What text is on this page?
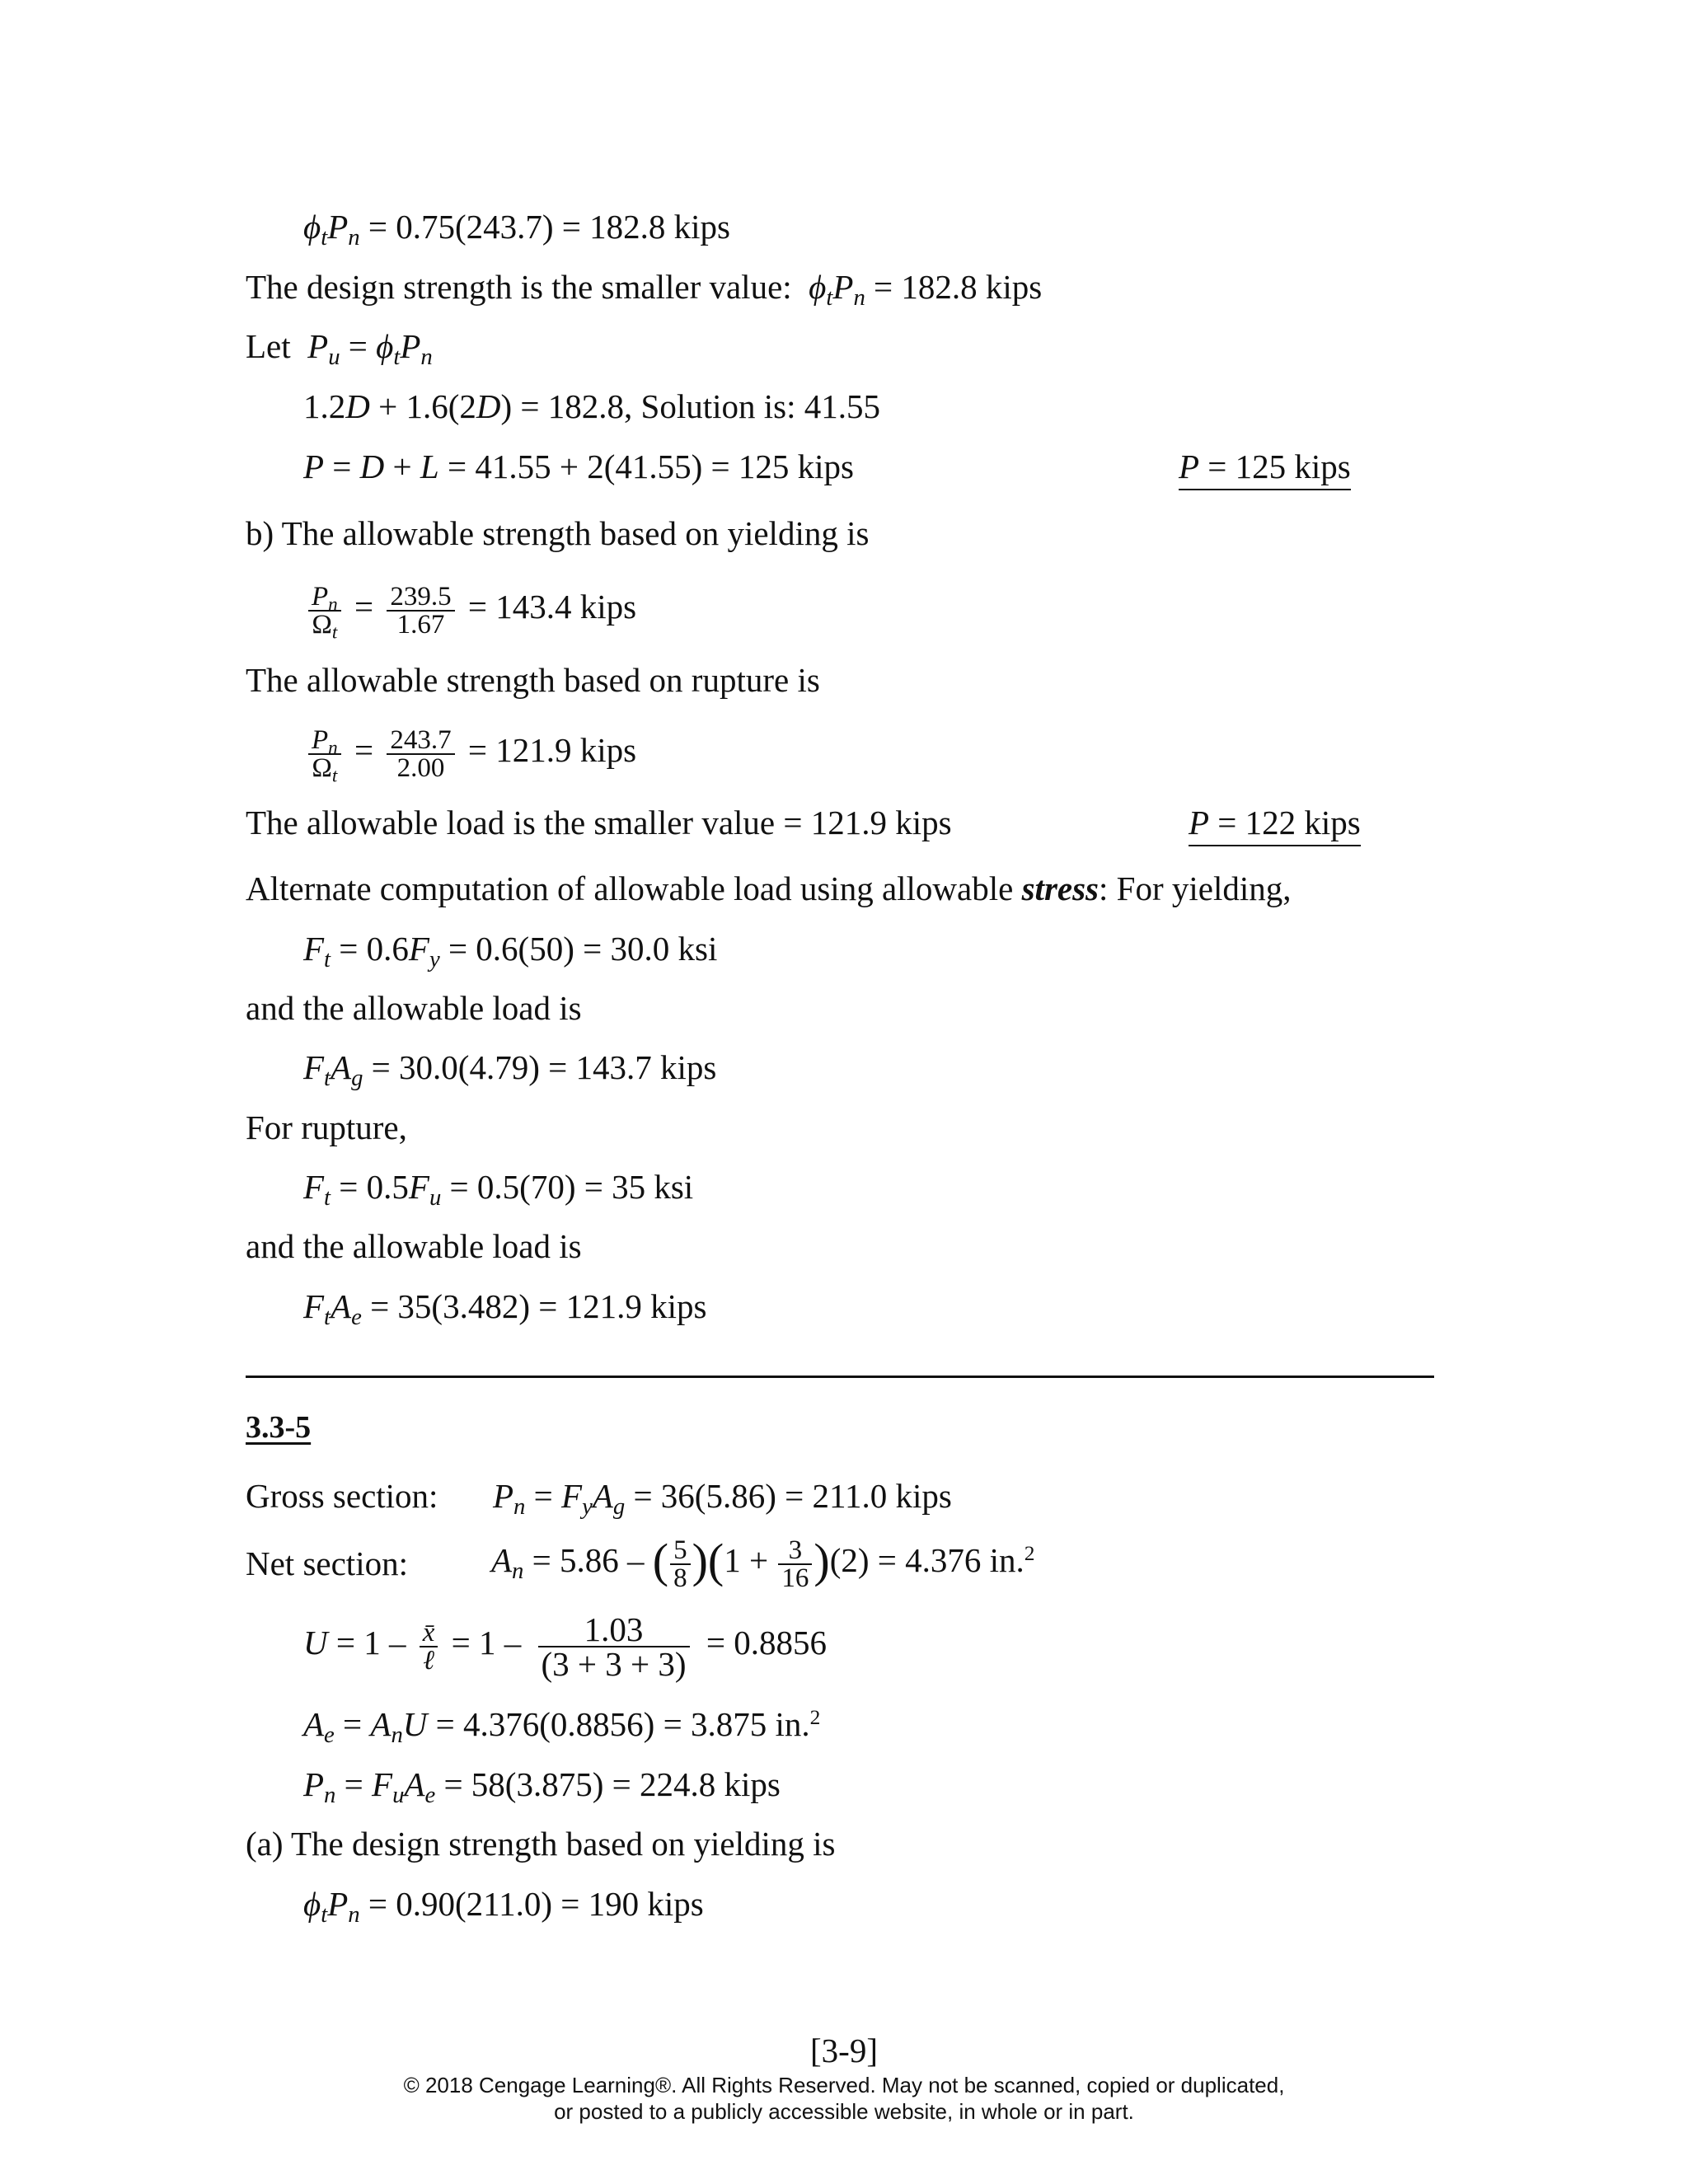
$\phi_tP_n = 0.75(243.7) = 182.8$ kips
The design strength is the smaller value: $\phi_tP_n = 182.8$ kips
Let $P_u = \phi_tP_n$
1.2D + 1.6(2D) = 182.8, Solution is: 41.55
P = D + L = 41.55 + 2(41.55) = 125 kips	P = 125 kips
b) The allowable strength based on yielding is
$\frac{P_n}{\Omega_t} = \frac{239.5}{1.67} = 143.4$ kips
The allowable strength based on rupture is
$\frac{P_n}{\Omega_t} = \frac{243.7}{2.00} = 121.9$ kips
The allowable load is the smaller value = 121.9 kips	P = 122 kips
Alternate computation of allowable load using allowable stress: For yielding,
$F_t = 0.6F_y = 0.6(50) = 30.0$ ksi
and the allowable load is
$F_tA_g = 30.0(4.79) = 143.7$ kips
For rupture,
$F_t = 0.5F_u = 0.5(70) = 35$ ksi
and the allowable load is
$F_tA_e = 35(3.482) = 121.9$ kips
3.3-5
Gross section: $P_n = F_yA_g = 36(5.86) = 211.0$ kips
Net section: $A_n = 5.86$ – ( $\frac{5}{8} )(1 + \frac{3}{16} )(2) = 4.376$ in.$^2$
$U = 1 - \frac{x̄}{\text{ℓ}} = 1 - \frac{1.03}{(3 + 3 + 3)} = 0.8856$
$A_e = A_nU = 4.376(0.8856) = 3.875$ in.$^2$
$P_n = F_uA_e = 58(3.875) = 224.8$ kips
(a) The design strength based on yielding is
$\phi_tP_n = 0.90(211.0) = 190$ kips
[3-9]
© 2018 Cengage Learning®. All Rights Reserved. May not be scanned, copied or duplicated,
or posted to a publicly accessible website, in whole or in part.
